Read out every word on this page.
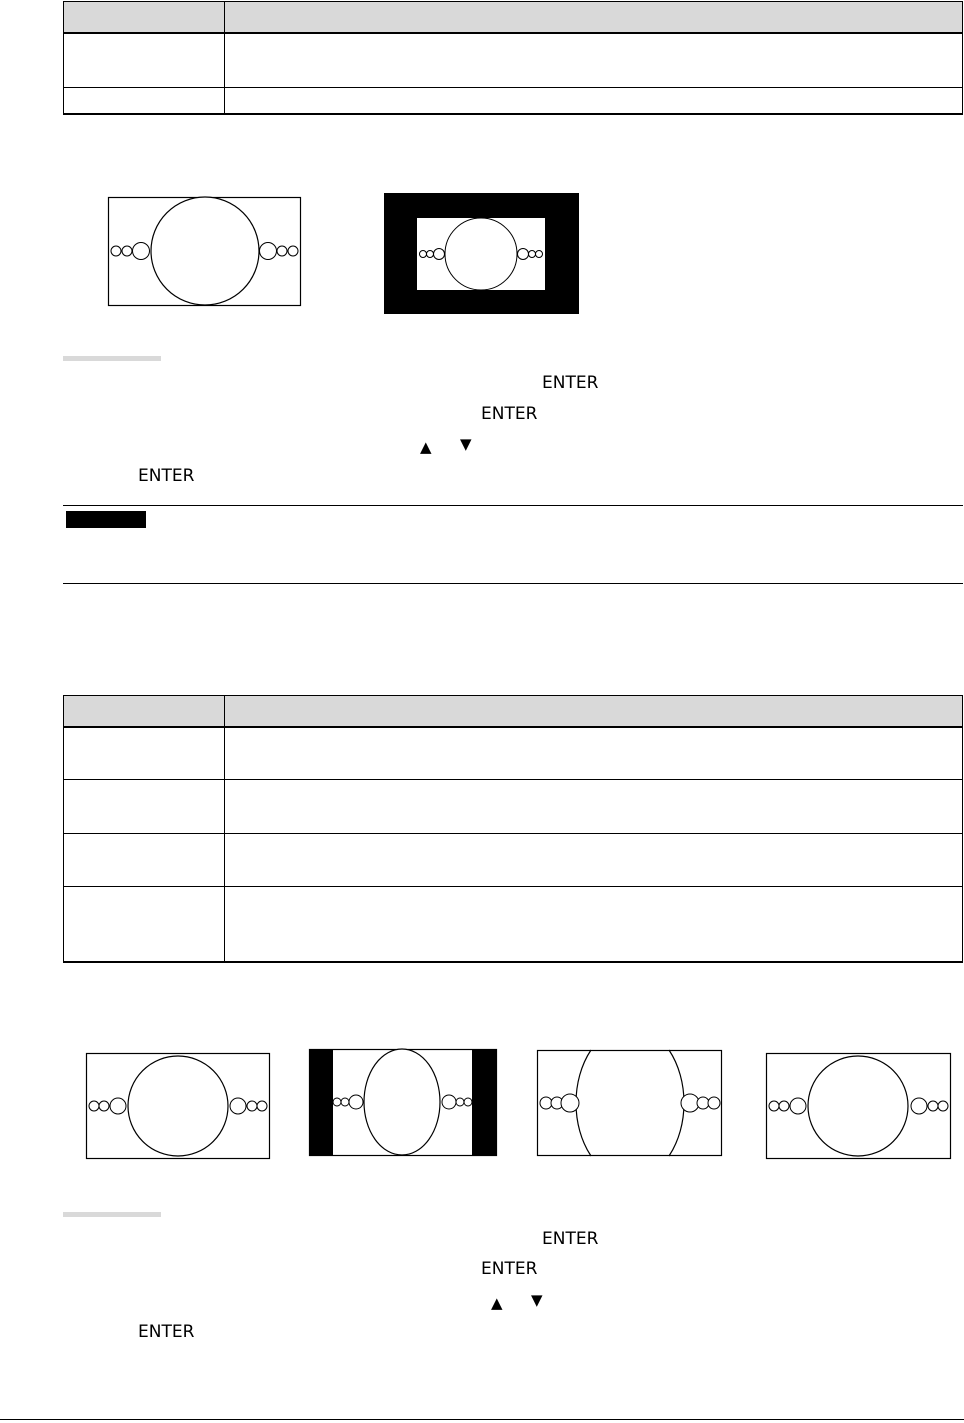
ENTER
ENTER
▲ ▼
ENTER

ENTER
ENTER
▲ ▼
ENTER
